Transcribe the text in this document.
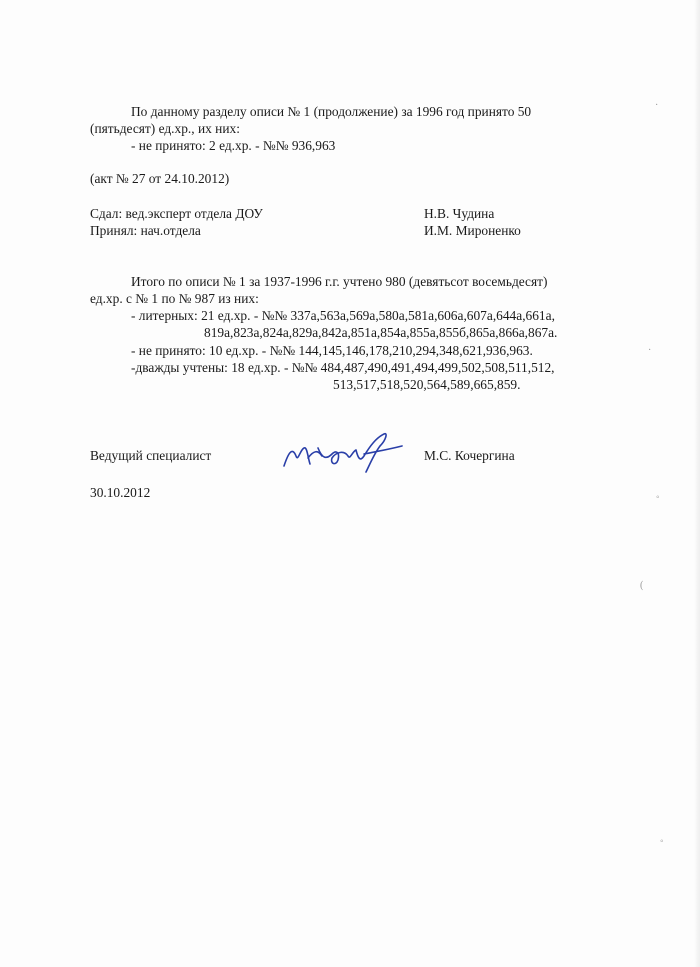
По данному разделу описи № 1 (продолжение) за 1996 год принято 50
(пятьдесят) ед.хр., их них:
- не принято: 2 ед.хр. - №№ 936,963
(акт № 27 от 24.10.2012)
Сдал: вед.эксперт отдела ДОУ	Н.В. Чудина
Принял: нач.отдела	И.М. Мироненко
Итого по описи № 1 за 1937-1996 г.г. учтено 980 (девятьсот восемьдесят)
ед.хр. с № 1 по № 987 из них:
- литерных: 21 ед.хр. - №№ 337а,563а,569а,580а,581а,606а,607а,644а,661а,
819а,823а,824а,829а,842а,851а,854а,855а,855б,865а,866а,867а.
- не принято: 10 ед.хр. - №№ 144,145,146,178,210,294,348,621,936,963.
-дважды учтены: 18 ед.хр. - №№ 484,487,490,491,494,499,502,508,511,512,
513,517,518,520,564,589,665,859.
Ведущий специалист	М.С. Кочергина
30.10.2012
·
·
◦
(
◦
